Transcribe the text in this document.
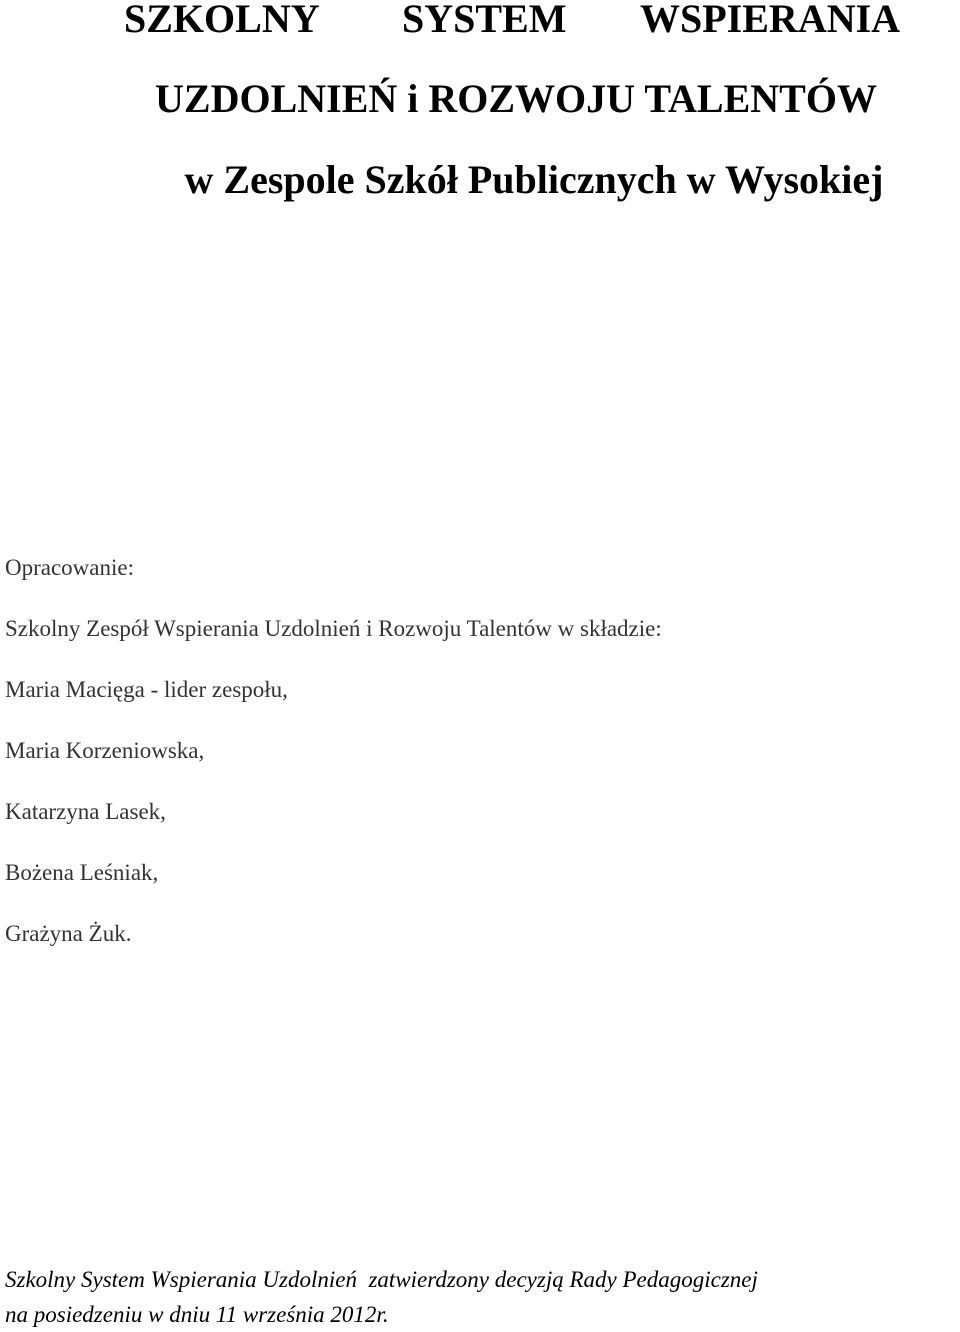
SZKOLNY SYSTEM WSPIERANIA
UZDOLNIEŃ i ROZWOJU TALENTÓW
w Zespole Szkół Publicznych w Wysokiej
Opracowanie:
Szkolny Zespół Wspierania Uzdolnień i Rozwoju Talentów w składzie:
Maria Macięga - lider zespołu,
Maria Korzeniowska,
Katarzyna Lasek,
Bożena Leśniak,
Grażyna Żuk.
Szkolny System Wspierania Uzdolnień  zatwierdzony decyzją Rady Pedagogicznej
na posiedzeniu w dniu 11 września 2012r.
